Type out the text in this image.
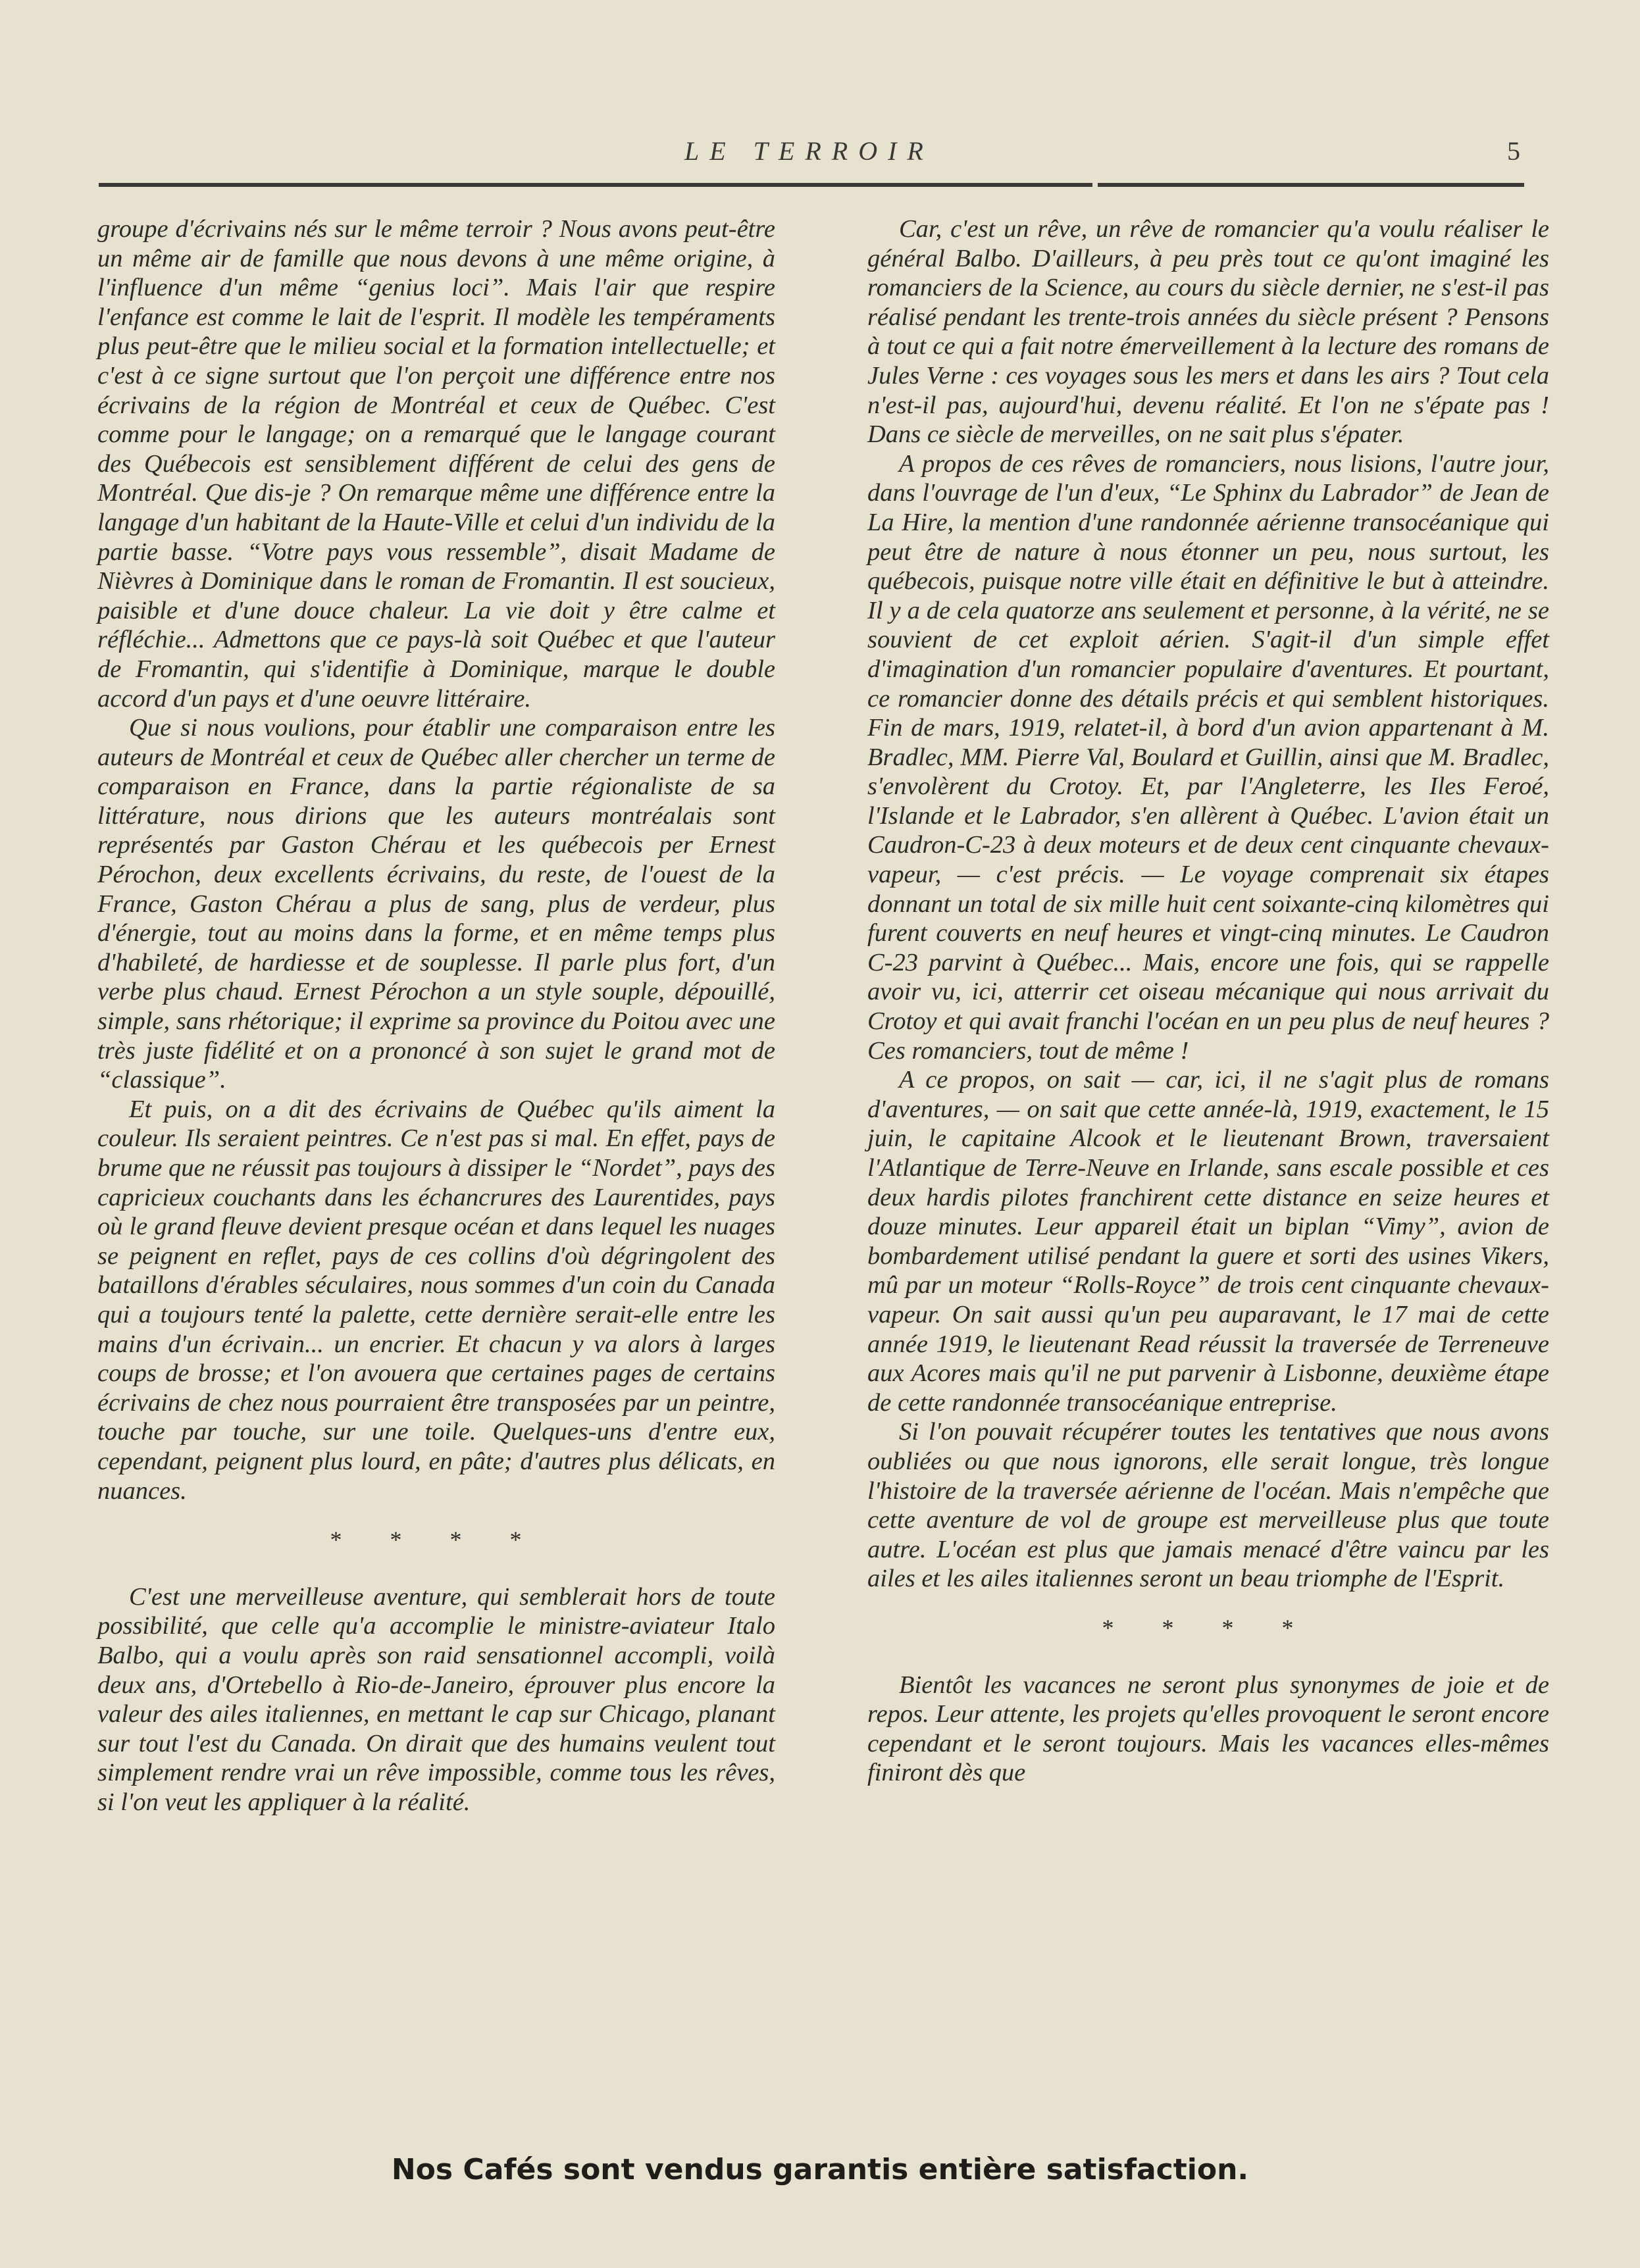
LE TERROIR	5

groupe d'écrivains nés sur le même terroir ? Nous avons peut-être un même air de famille que nous devons à une même origine, à l'influence d'un même “genius loci”. Mais l'air que respire l'enfance est comme le lait de l'esprit. Il modèle les tempéraments plus peut-être que le milieu social et la formation intellectuelle; et c'est à ce signe surtout que l'on perçoit une différence entre nos écrivains de la région de Montréal et ceux de Québec. C'est comme pour le langage; on a remarqué que le langage courant des Québecois est sensiblement différent de celui des gens de Montréal. Que dis-je ? On remarque même une différence entre la langage d'un habitant de la Haute-Ville et celui d'un individu de la partie basse. “Votre pays vous ressemble”, disait Madame de Nièvres à Dominique dans le roman de Fromantin. Il est soucieux, paisible et d'une douce chaleur. La vie doit y être calme et réfléchie... Admettons que ce pays-là soit Québec et que l'auteur de Fromantin, qui s'identifie à Dominique, marque le double accord d'un pays et d'une oeuvre littéraire.

Que si nous voulions, pour établir une comparaison entre les auteurs de Montréal et ceux de Québec aller chercher un terme de comparaison en France, dans la partie régionaliste de sa littérature, nous dirions que les auteurs montréalais sont représentés par Gaston Chérau et les québecois per Ernest Pérochon, deux excellents écrivains, du reste, de l'ouest de la France, Gaston Chérau a plus de sang, plus de verdeur, plus d'énergie, tout au moins dans la forme, et en même temps plus d'habileté, de hardiesse et de souplesse. Il parle plus fort, d'un verbe plus chaud. Ernest Pérochon a un style souple, dépouillé, simple, sans rhétorique; il exprime sa province du Poitou avec une très juste fidélité et on a prononcé à son sujet le grand mot de “classique”.

Et puis, on a dit des écrivains de Québec qu'ils aiment la couleur. Ils seraient peintres. Ce n'est pas si mal. En effet, pays de brume que ne réussit pas toujours à dissiper le “Nordet”, pays des capricieux couchants dans les échancrures des Laurentides, pays où le grand fleuve devient presque océan et dans lequel les nuages se peignent en reflet, pays de ces collins d'où dégringolent des bataillons d'érables séculaires, nous sommes d'un coin du Canada qui a toujours tenté la palette, cette dernière serait-elle entre les mains d'un écrivain... un encrier. Et chacun y va alors à larges coups de brosse; et l'on avouera que certaines pages de certains écrivains de chez nous pourraient être transposées par un peintre, touche par touche, sur une toile. Quelques-uns d'entre eux, cependant, peignent plus lourd, en pâte; d'autres plus délicats, en nuances.

* * * *

C'est une merveilleuse aventure, qui semblerait hors de toute possibilité, que celle qu'a accomplie le ministre-aviateur Italo Balbo, qui a voulu après son raid sensationnel accompli, voilà deux ans, d'Ortebello à Rio-de-Janeiro, éprouver plus encore la valeur des ailes italiennes, en mettant le cap sur Chicago, planant sur tout l'est du Canada. On dirait que des humains veulent tout simplement rendre vrai un rêve impossible, comme tous les rêves, si l'on veut les appliquer à la réalité.

Car, c'est un rêve, un rêve de romancier qu'a voulu réaliser le général Balbo. D'ailleurs, à peu près tout ce qu'ont imaginé les romanciers de la Science, au cours du siècle dernier, ne s'est-il pas réalisé pendant les trente-trois années du siècle présent ? Pensons à tout ce qui a fait notre émerveillement à la lecture des romans de Jules Verne : ces voyages sous les mers et dans les airs ? Tout cela n'est-il pas, aujourd'hui, devenu réalité. Et l'on ne s'épate pas ! Dans ce siècle de merveilles, on ne sait plus s'épater.

A propos de ces rêves de romanciers, nous lisions, l'autre jour, dans l'ouvrage de l'un d'eux, “Le Sphinx du Labrador” de Jean de La Hire, la mention d'une randonnée aérienne transocéanique qui peut être de nature à nous étonner un peu, nous surtout, les québecois, puisque notre ville était en définitive le but à atteindre. Il y a de cela quatorze ans seulement et personne, à la vérité, ne se souvient de cet exploit aérien. S'agit-il d'un simple effet d'imagination d'un romancier populaire d'aventures. Et pourtant, ce romancier donne des détails précis et qui semblent historiques. Fin de mars, 1919, relatet-il, à bord d'un avion appartenant à M. Bradlec, MM. Pierre Val, Boulard et Guillin, ainsi que M. Bradlec, s'envolèrent du Crotoy. Et, par l'Angleterre, les Iles Feroé, l'Islande et le Labrador, s'en allèrent à Québec. L'avion était un Caudron-C-23 à deux moteurs et de deux cent cinquante chevaux-vapeur, — c'est précis. — Le voyage comprenait six étapes donnant un total de six mille huit cent soixante-cinq kilomètres qui furent couverts en neuf heures et vingt-cinq minutes. Le Caudron C-23 parvint à Québec... Mais, encore une fois, qui se rappelle avoir vu, ici, atterrir cet oiseau mécanique qui nous arrivait du Crotoy et qui avait franchi l'océan en un peu plus de neuf heures ? Ces romanciers, tout de même !

A ce propos, on sait — car, ici, il ne s'agit plus de romans d'aventures, — on sait que cette année-là, 1919, exactement, le 15 juin, le capitaine Alcook et le lieutenant Brown, traversaient l'Atlantique de Terre-Neuve en Irlande, sans escale possible et ces deux hardis pilotes franchirent cette distance en seize heures et douze minutes. Leur appareil était un biplan “Vimy”, avion de bombardement utilisé pendant la guere et sorti des usines Vikers, mû par un moteur “Rolls-Royce” de trois cent cinquante chevaux-vapeur. On sait aussi qu'un peu auparavant, le 17 mai de cette année 1919, le lieutenant Read réussit la traversée de Terreneuve aux Acores mais qu'il ne put parvenir à Lisbonne, deuxième étape de cette randonnée transocéanique entreprise.

Si l'on pouvait récupérer toutes les tentatives que nous avons oubliées ou que nous ignorons, elle serait longue, très longue l'histoire de la traversée aérienne de l'océan. Mais n'empêche que cette aventure de vol de groupe est merveilleuse plus que toute autre. L'océan est plus que jamais menacé d'être vaincu par les ailes et les ailes italiennes seront un beau triomphe de l'Esprit.

* * * *

Bientôt les vacances ne seront plus synonymes de joie et de repos. Leur attente, les projets qu'elles provoquent le seront encore cependant et le seront toujours. Mais les vacances elles-mêmes finiront dès que

Nos Cafés sont vendus garantis entière satisfaction.
